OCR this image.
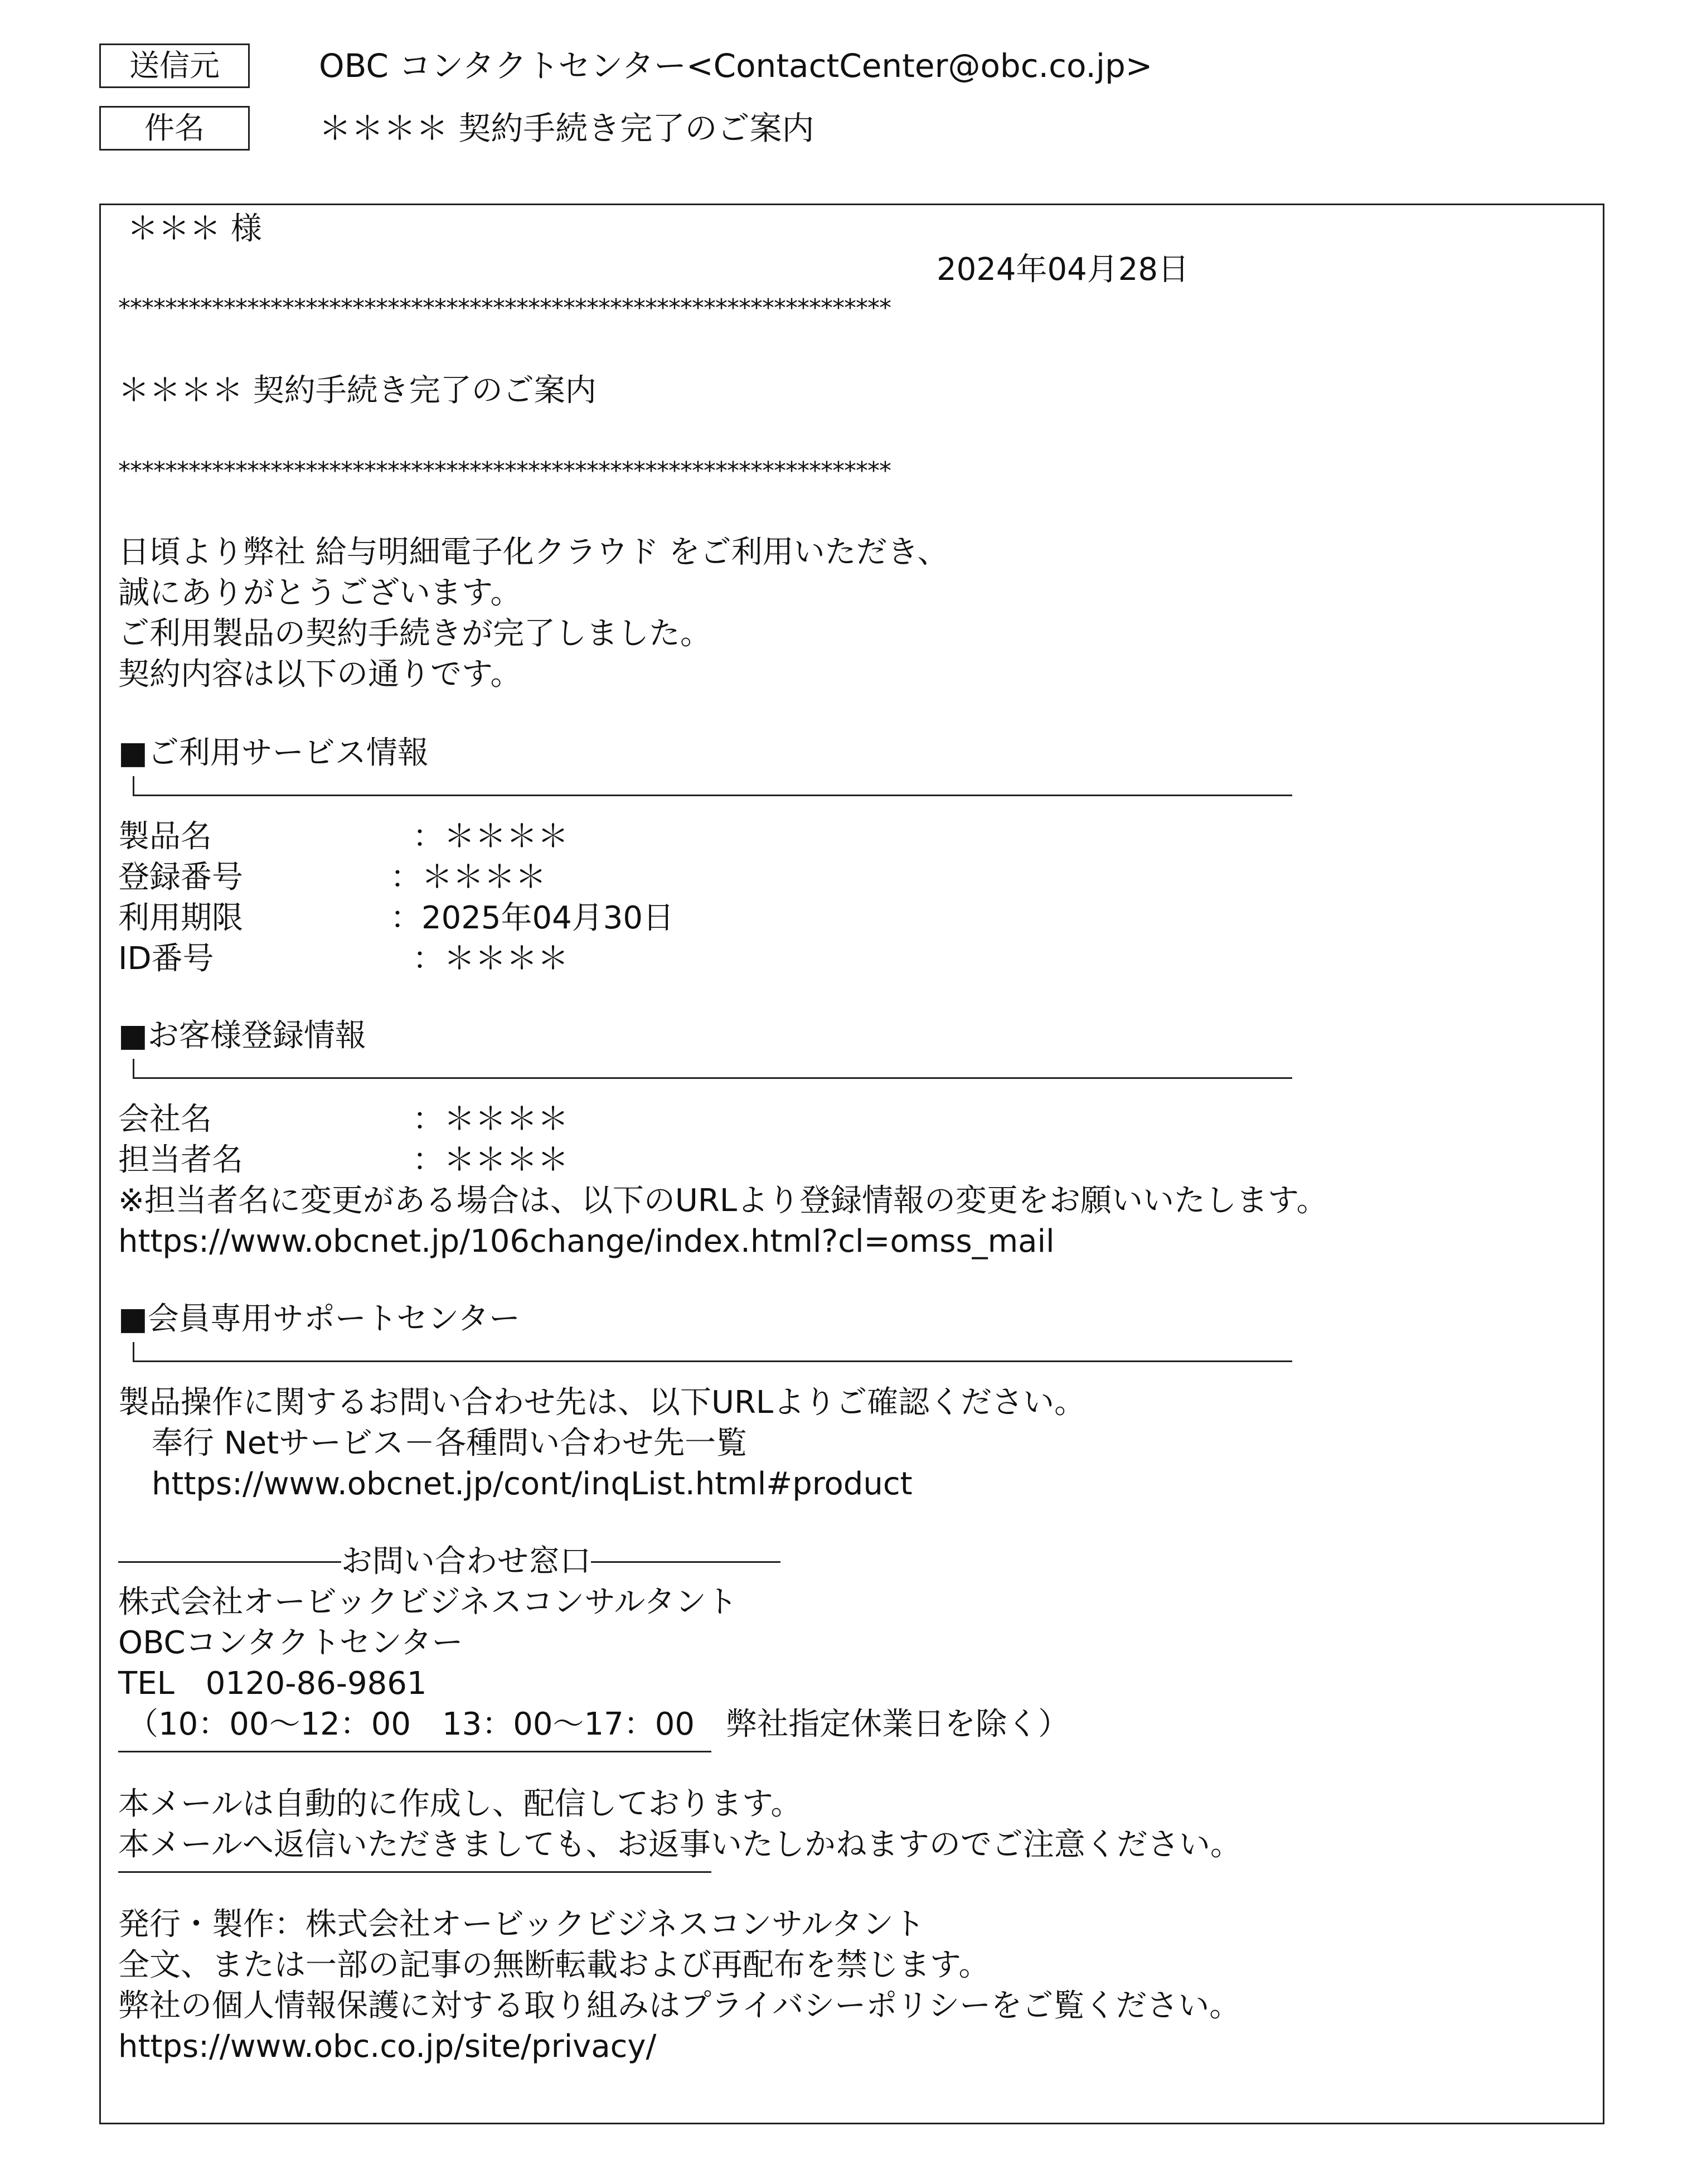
送信元	OBC コンタクトセンター<ContactCenter@obc.co.jp>
件名	＊＊＊＊ 契約手続き完了のご案内
＊＊＊ 様
2024年04月28日
******************************************************************
＊＊＊＊ 契約手続き完了のご案内
******************************************************************
日頃より弊社 給与明細電子化クラウド をご利用いただき、
誠にありがとうございます。
ご利用製品の契約手続きが完了しました。
契約内容は以下の通りです。
■ご利用サービス情報
製品名	：＊＊＊＊
登録番号	：＊＊＊＊
利用期限	：2025年04月30日
ID番号	：＊＊＊＊
■お客様登録情報
会社名	：＊＊＊＊
担当者名	：＊＊＊＊
※担当者名に変更がある場合は、以下のURLより登録情報の変更をお願いいたします。
https://www.obcnet.jp/106change/index.html?cl=omss_mail
■会員専用サポートセンター
製品操作に関するお問い合わせ先は、以下URLよりご確認ください。
奉行 Netサービス－各種問い合わせ先一覧
https://www.obcnet.jp/cont/inqList.html#product
お問い合わせ窓口
株式会社オービックビジネスコンサルタント
OBCコンタクトセンター
TEL　0120-86-9861
（10：00～12：00　13：00～17：00　弊社指定休業日を除く）
本メールは自動的に作成し、配信しております。
本メールへ返信いただきましても、お返事いたしかねますのでご注意ください。
発行・製作：株式会社オービックビジネスコンサルタント
全文、または一部の記事の無断転載および再配布を禁じます。
弊社の個人情報保護に対する取り組みはプライバシーポリシーをご覧ください。
https://www.obc.co.jp/site/privacy/
